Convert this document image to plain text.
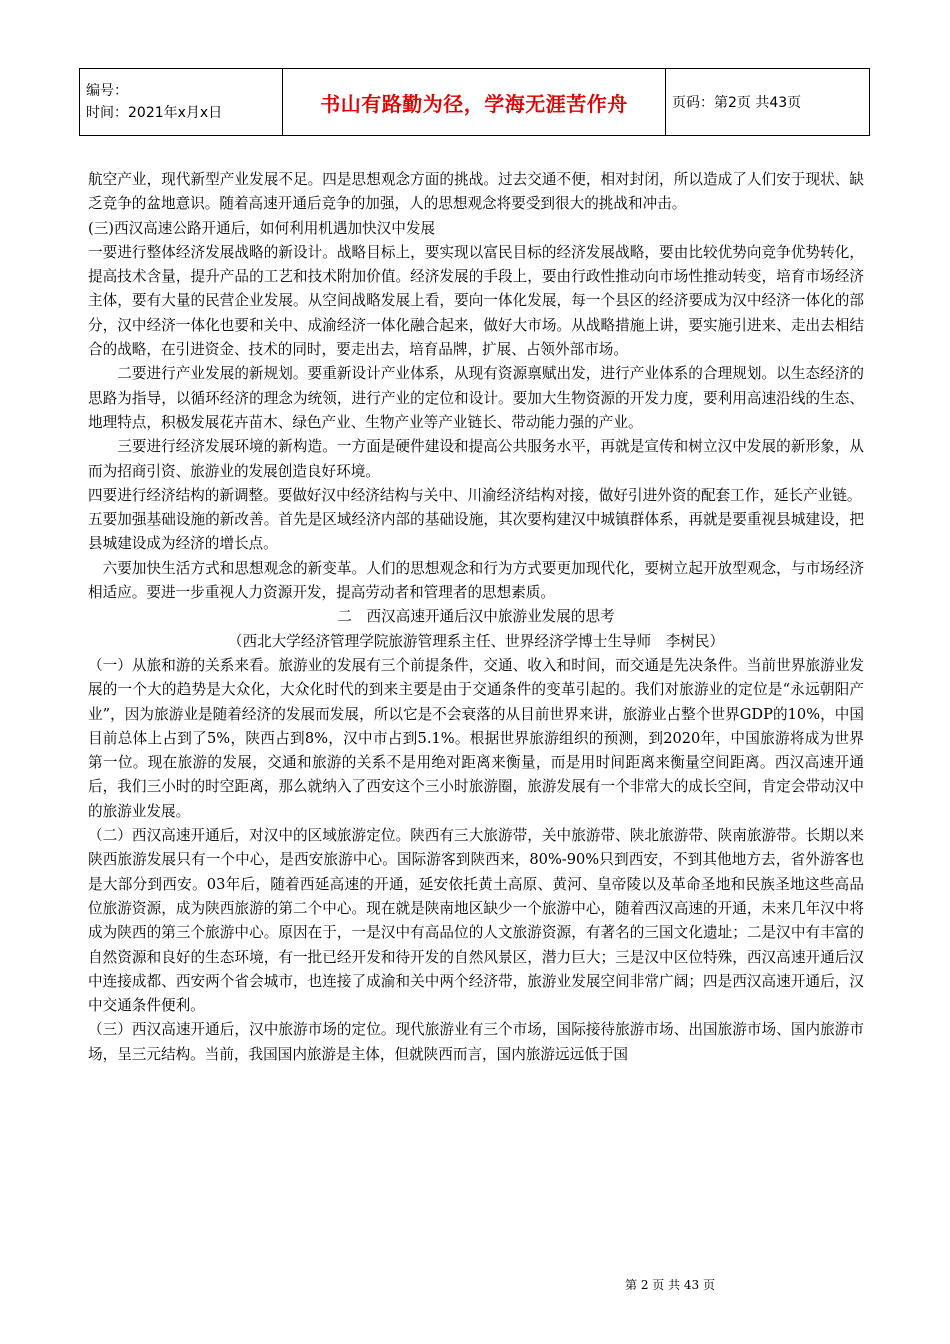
编号：
时间：2021年x月x日	书山有路勤为径，学海无涯苦作舟	页码：第2页 共43页

航空产业，现代新型产业发展不足。四是思想观念方面的挑战。过去交通不便，相对封闭，所以造成了人们安于现状、缺乏竞争的盆地意识。随着高速开通后竞争的加强，人的思想观念将要受到很大的挑战和冲击。

(三)西汉高速公路开通后，如何利用机遇加快汉中发展

一要进行整体经济发展战略的新设计。战略目标上，要实现以富民目标的经济发展战略，要由比较优势向竞争优势转化，提高技术含量，提升产品的工艺和技术附加价值。经济发展的手段上，要由行政性推动向市场性推动转变，培育市场经济主体，要有大量的民营企业发展。从空间战略发展上看，要向一体化发展，每一个县区的经济要成为汉中经济一体化的部分，汉中经济一体化也要和关中、成渝经济一体化融合起来，做好大市场。从战略措施上讲，要实施引进来、走出去相结合的战略，在引进资金、技术的同时，要走出去，培育品牌，扩展、占领外部市场。

二要进行产业发展的新规划。要重新设计产业体系，从现有资源禀赋出发，进行产业体系的合理规划。以生态经济的思路为指导，以循环经济的理念为统领，进行产业的定位和设计。要加大生物资源的开发力度，要利用高速沿线的生态、地理特点，积极发展花卉苗木、绿色产业、生物产业等产业链长、带动能力强的产业。

三要进行经济发展环境的新构造。一方面是硬件建设和提高公共服务水平，再就是宣传和树立汉中发展的新形象，从而为招商引资、旅游业的发展创造良好环境。

四要进行经济结构的新调整。要做好汉中经济结构与关中、川渝经济结构对接，做好引进外资的配套工作，延长产业链。

五要加强基础设施的新改善。首先是区域经济内部的基础设施，其次要构建汉中城镇群体系，再就是要重视县城建设，把县城建设成为经济的增长点。

六要加快生活方式和思想观念的新变革。人们的思想观念和行为方式要更加现代化，要树立起开放型观念，与市场经济相适应。要进一步重视人力资源开发，提高劳动者和管理者的思想素质。

二　西汉高速开通后汉中旅游业发展的思考

（西北大学经济管理学院旅游管理系主任、世界经济学博士生导师　李树民）

（一）从旅和游的关系来看。旅游业的发展有三个前提条件，交通、收入和时间，而交通是先决条件。当前世界旅游业发展的一个大的趋势是大众化，大众化时代的到来主要是由于交通条件的变革引起的。我们对旅游业的定位是“永远朝阳产业”，因为旅游业是随着经济的发展而发展，所以它是不会衰落的从目前世界来讲，旅游业占整个世界GDP的10%，中国目前总体上占到了5%，陕西占到8%，汉中市占到5.1%。根据世界旅游组织的预测，到2020年，中国旅游将成为世界第一位。现在旅游的发展，交通和旅游的关系不是用绝对距离来衡量，而是用时间距离来衡量空间距离。西汉高速开通后，我们三小时的时空距离，那么就纳入了西安这个三小时旅游圈，旅游发展有一个非常大的成长空间，肯定会带动汉中的旅游业发展。

（二）西汉高速开通后，对汉中的区域旅游定位。陕西有三大旅游带，关中旅游带、陕北旅游带、陕南旅游带。长期以来陕西旅游发展只有一个中心，是西安旅游中心。国际游客到陕西来，80%-90%只到西安，不到其他地方去，省外游客也是大部分到西安。03年后，随着西延高速的开通，延安依托黄土高原、黄河、皇帝陵以及革命圣地和民族圣地这些高品位旅游资源，成为陕西旅游的第二个中心。现在就是陕南地区缺少一个旅游中心，随着西汉高速的开通，未来几年汉中将成为陕西的第三个旅游中心。原因在于，一是汉中有高品位的人文旅游资源，有著名的三国文化遗址；二是汉中有丰富的自然资源和良好的生态环境，有一批已经开发和待开发的自然风景区，潜力巨大；三是汉中区位特殊，西汉高速开通后汉中连接成都、西安两个省会城市，也连接了成渝和关中两个经济带，旅游业发展空间非常广阔；四是西汉高速开通后，汉中交通条件便利。

（三）西汉高速开通后，汉中旅游市场的定位。现代旅游业有三个市场，国际接待旅游市场、出国旅游市场、国内旅游市场，呈三元结构。当前，我国国内旅游是主体，但就陕西而言，国内旅游远远低于国

第 2 页 共 43 页
